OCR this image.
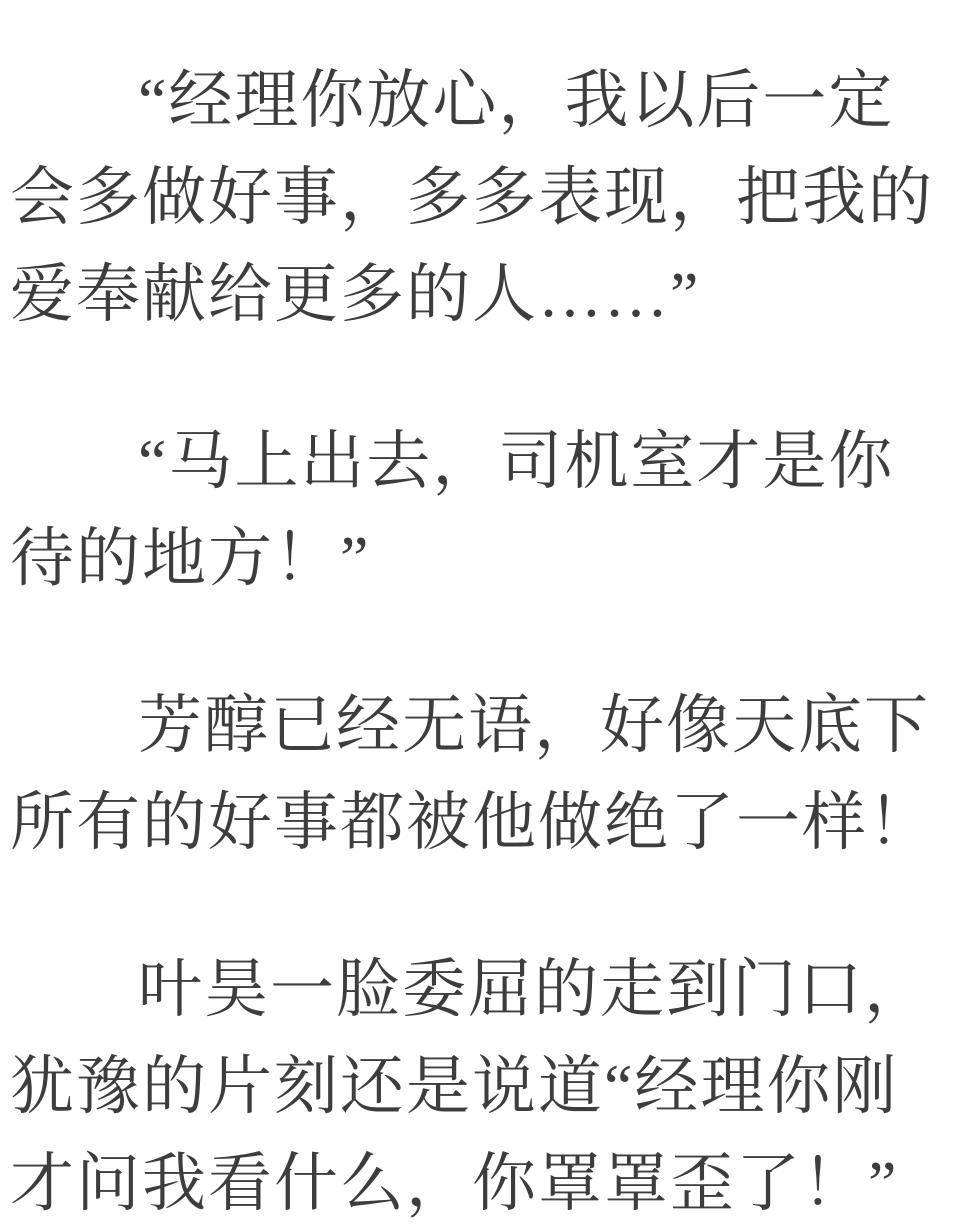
“经理你放心，我以后一定会多做好事，多多表现，把我的爱奉献给更多的人……”

“马上出去，司机室才是你待的地方！”

芳醇已经无语，好像天底下所有的好事都被他做绝了一样！

叶昊一脸委屈的走到门口，犹豫的片刻还是说道“经理你刚才问我看什么，你罩罩歪了！”
